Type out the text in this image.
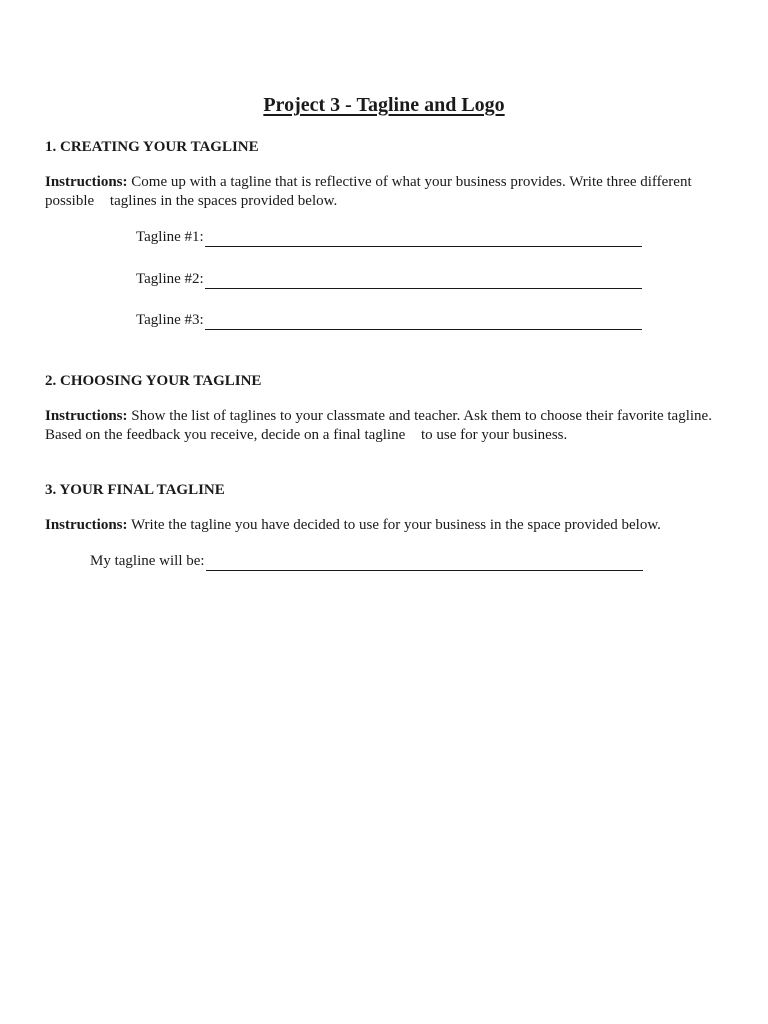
Project 3 - Tagline and Logo
1. CREATING YOUR TAGLINE
Instructions: Come up with a tagline that is reflective of what your business provides. Write three different possible taglines in the spaces provided below.
Tagline #1:
Tagline #2:
Tagline #3:
2. CHOOSING YOUR TAGLINE
Instructions: Show the list of taglines to your classmate and teacher. Ask them to choose their favorite tagline. Based on the feedback you receive, decide on a final tagline to use for your business.
3. YOUR FINAL TAGLINE
Instructions: Write the tagline you have decided to use for your business in the space provided below.
My tagline will be:
